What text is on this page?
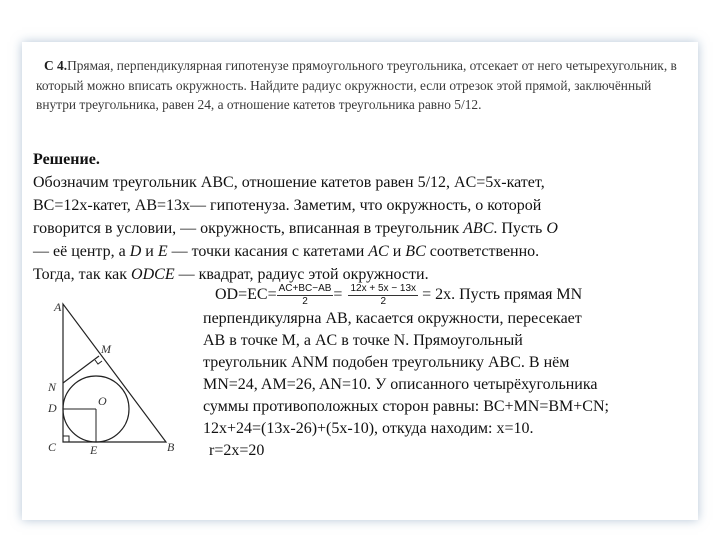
C 4.Прямая, перпендикулярная гипотенузе прямоугольного треугольника, отсекает от него четырехугольник, в который можно вписать окружность. Найдите радиус окружности, если отрезок этой прямой, заключённый внутри треугольника, равен 24, а отношение катетов треугольника равно 5/12.

Решение.

Обозначим треугольник ABC, отношение катетов равен 5/12, AC=5x-катет,

BC=12x-катет, AB=13x— гипотенуза. Заметим, что окружность, о которой

говорится в условии, — окружность, вписанная в треугольник ABC. Пусть O

— её центр, а D и E — точки касания с катетами AC и BC соответственно.

Тогда, так как ODCE — квадрат, радиус этой окружности.

$OD=EC= \frac{AC+BC-AB}{2} = \frac{12x + 5x - 13x}{2} = 2x$. Пусть прямая MN

перпендикулярна AB, касается окружности, пересекает

AB в точке M, а AC в точке N. Прямоугольный

треугольник ANM подобен треугольнику ABC. В нём

MN=24, AM=26, AN=10. У описанного четырёхугольника

суммы противоположных сторон равны: BC+MN=BM+CN;

12x+24=(13x-26)+(5x-10), откуда находим: x=10.

r=2x=20

A
M
N
D	O
C	E	B
